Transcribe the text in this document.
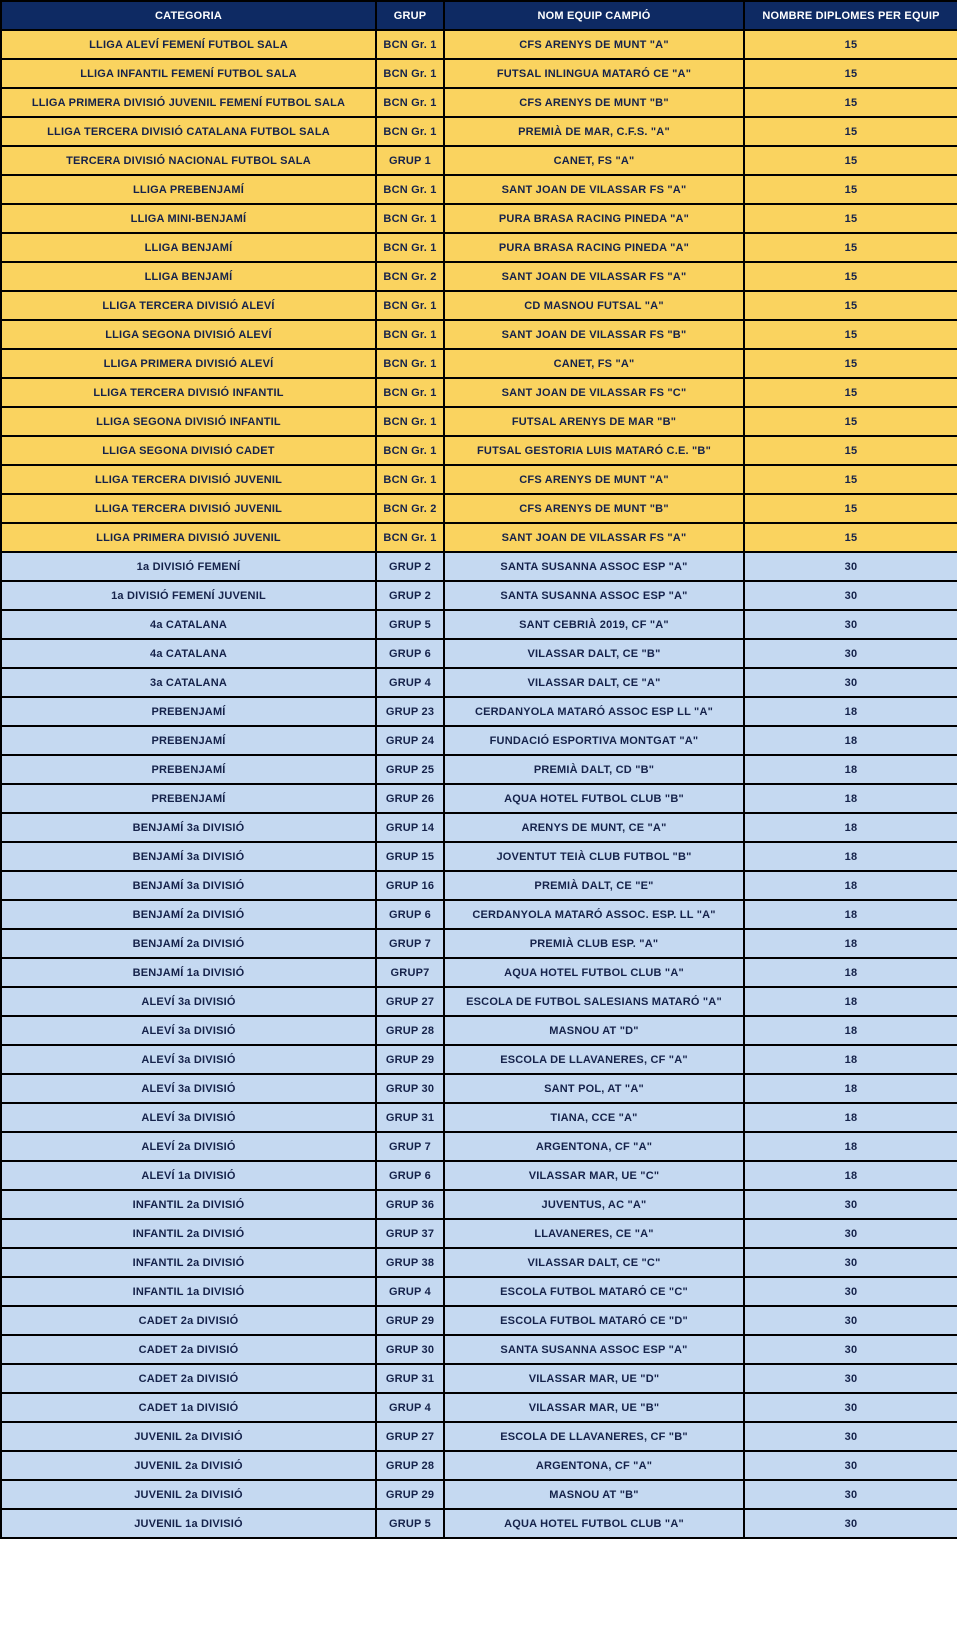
CATEGORIA	GRUP	NOM EQUIP CAMPIÓ	NOMBRE DIPLOMES PER EQUIP
LLIGA ALEVÍ FEMENÍ FUTBOL SALA	BCN Gr. 1	CFS ARENYS DE MUNT "A"	15
LLIGA INFANTIL FEMENÍ FUTBOL SALA	BCN Gr. 1	FUTSAL INLINGUA MATARÓ CE "A"	15
LLIGA PRIMERA DIVISIÓ JUVENIL FEMENÍ FUTBOL SALA	BCN Gr. 1	CFS ARENYS DE MUNT "B"	15
LLIGA TERCERA DIVISIÓ CATALANA FUTBOL SALA	BCN Gr. 1	PREMIÀ DE MAR, C.F.S. "A"	15
TERCERA DIVISIÓ NACIONAL FUTBOL SALA	GRUP 1	CANET, FS "A"	15
LLIGA PREBENJAMÍ	BCN Gr. 1	SANT JOAN DE VILASSAR FS "A"	15
LLIGA MINI-BENJAMÍ	BCN Gr. 1	PURA BRASA RACING PINEDA "A"	15
LLIGA BENJAMÍ	BCN Gr. 1	PURA BRASA RACING PINEDA "A"	15
LLIGA BENJAMÍ	BCN Gr. 2	SANT JOAN DE VILASSAR FS "A"	15
LLIGA TERCERA DIVISIÓ ALEVÍ	BCN Gr. 1	CD MASNOU FUTSAL "A"	15
LLIGA SEGONA DIVISIÓ ALEVÍ	BCN Gr. 1	SANT JOAN DE VILASSAR FS "B"	15
LLIGA PRIMERA DIVISIÓ ALEVÍ	BCN Gr. 1	CANET, FS "A"	15
LLIGA TERCERA DIVISIÓ INFANTIL	BCN Gr. 1	SANT JOAN DE VILASSAR FS "C"	15
LLIGA SEGONA DIVISIÓ INFANTIL	BCN Gr. 1	FUTSAL ARENYS DE MAR "B"	15
LLIGA SEGONA DIVISIÓ CADET	BCN Gr. 1	FUTSAL GESTORIA LUIS MATARÓ C.E. "B"	15
LLIGA TERCERA DIVISIÓ JUVENIL	BCN Gr. 1	CFS ARENYS DE MUNT "A"	15
LLIGA TERCERA DIVISIÓ JUVENIL	BCN Gr. 2	CFS ARENYS DE MUNT "B"	15
LLIGA PRIMERA DIVISIÓ JUVENIL	BCN Gr. 1	SANT JOAN DE VILASSAR FS "A"	15
1a DIVISIÓ FEMENÍ	GRUP 2	SANTA SUSANNA ASSOC ESP "A"	30
1a DIVISIÓ FEMENÍ JUVENIL	GRUP 2	SANTA SUSANNA ASSOC ESP "A"	30
4a CATALANA	GRUP 5	SANT CEBRIÀ 2019, CF "A"	30
4a CATALANA	GRUP 6	VILASSAR DALT, CE "B"	30
3a CATALANA	GRUP 4	VILASSAR DALT, CE "A"	30
PREBENJAMÍ	GRUP 23	CERDANYOLA MATARÓ ASSOC ESP LL "A"	18
PREBENJAMÍ	GRUP 24	FUNDACIÓ ESPORTIVA MONTGAT "A"	18
PREBENJAMÍ	GRUP 25	PREMIÀ DALT, CD "B"	18
PREBENJAMÍ	GRUP 26	AQUA HOTEL FUTBOL CLUB "B"	18
BENJAMÍ 3a DIVISIÓ	GRUP 14	ARENYS DE MUNT, CE "A"	18
BENJAMÍ 3a DIVISIÓ	GRUP 15	JOVENTUT TEIÀ CLUB FUTBOL "B"	18
BENJAMÍ 3a DIVISIÓ	GRUP 16	PREMIÀ DALT, CE "E"	18
BENJAMÍ 2a DIVISIÓ	GRUP 6	CERDANYOLA MATARÓ ASSOC. ESP. LL "A"	18
BENJAMÍ 2a DIVISIÓ	GRUP 7	PREMIÀ CLUB ESP. "A"	18
BENJAMÍ 1a DIVISIÓ	GRUP7	AQUA HOTEL FUTBOL CLUB "A"	18
ALEVÍ 3a DIVISIÓ	GRUP 27	ESCOLA DE FUTBOL SALESIANS MATARÓ "A"	18
ALEVÍ 3a DIVISIÓ	GRUP 28	MASNOU AT "D"	18
ALEVÍ 3a DIVISIÓ	GRUP 29	ESCOLA DE LLAVANERES, CF "A"	18
ALEVÍ 3a DIVISIÓ	GRUP 30	SANT POL, AT "A"	18
ALEVÍ 3a DIVISIÓ	GRUP 31	TIANA, CCE "A"	18
ALEVÍ 2a DIVISIÓ	GRUP 7	ARGENTONA, CF "A"	18
ALEVÍ 1a DIVISIÓ	GRUP 6	VILASSAR MAR, UE "C"	18
INFANTIL 2a DIVISIÓ	GRUP 36	JUVENTUS, AC "A"	30
INFANTIL 2a DIVISIÓ	GRUP 37	LLAVANERES, CE "A"	30
INFANTIL 2a DIVISIÓ	GRUP 38	VILASSAR DALT, CE "C"	30
INFANTIL 1a DIVISIÓ	GRUP 4	ESCOLA FUTBOL MATARÓ CE "C"	30
CADET 2a DIVISIÓ	GRUP 29	ESCOLA FUTBOL MATARÓ CE "D"	30
CADET 2a DIVISIÓ	GRUP 30	SANTA SUSANNA ASSOC ESP "A"	30
CADET 2a DIVISIÓ	GRUP 31	VILASSAR MAR, UE "D"	30
CADET 1a DIVISIÓ	GRUP 4	VILASSAR MAR, UE "B"	30
JUVENIL 2a DIVISIÓ	GRUP 27	ESCOLA DE LLAVANERES, CF "B"	30
JUVENIL 2a DIVISIÓ	GRUP 28	ARGENTONA, CF "A"	30
JUVENIL 2a DIVISIÓ	GRUP 29	MASNOU AT "B"	30
JUVENIL 1a DIVISIÓ	GRUP 5	AQUA HOTEL FUTBOL CLUB "A"	30
